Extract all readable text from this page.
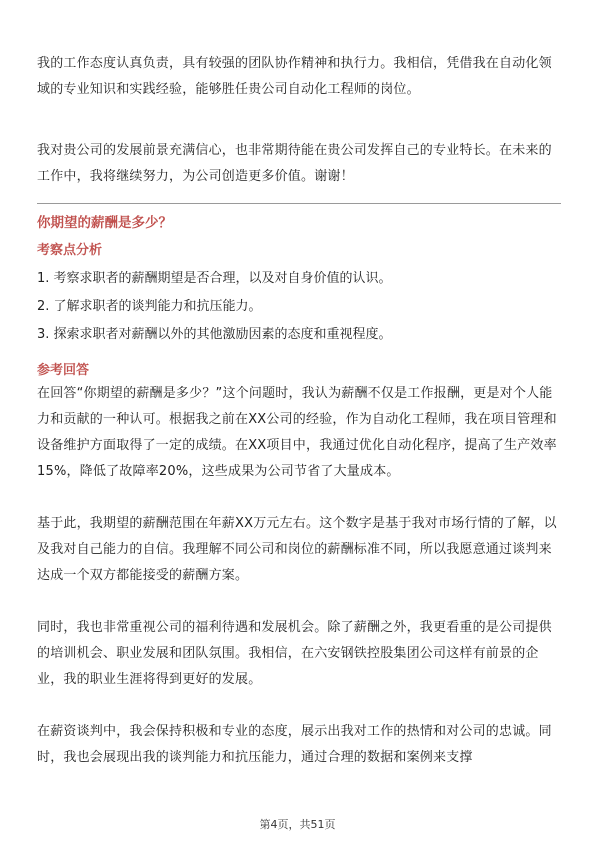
我的工作态度认真负责，具有较强的团队协作精神和执行力。我相信，凭借我在自动化领域的专业知识和实践经验，能够胜任贵公司自动化工程师的岗位。

我对贵公司的发展前景充满信心，也非常期待能在贵公司发挥自己的专业特长。在未来的工作中，我将继续努力，为公司创造更多价值。谢谢！

你期望的薪酬是多少？
考察点分析
1. 考察求职者的薪酬期望是否合理，以及对自身价值的认识。
2. 了解求职者的谈判能力和抗压能力。
3. 探索求职者对薪酬以外的其他激励因素的态度和重视程度。
参考回答

在回答“你期望的薪酬是多少？”这个问题时，我认为薪酬不仅是工作报酬，更是对个人能力和贡献的一种认可。根据我之前在XX公司的经验，作为自动化工程师，我在项目管理和设备维护方面取得了一定的成绩。在XX项目中，我通过优化自动化程序，提高了生产效率15%，降低了故障率20%，这些成果为公司节省了大量成本。

基于此，我期望的薪酬范围在年薪XX万元左右。这个数字是基于我对市场行情的了解，以及我对自己能力的自信。我理解不同公司和岗位的薪酬标准不同，所以我愿意通过谈判来达成一个双方都能接受的薪酬方案。

同时，我也非常重视公司的福利待遇和发展机会。除了薪酬之外，我更看重的是公司提供的培训机会、职业发展和团队氛围。我相信，在六安钢铁控股集团公司这样有前景的企业，我的职业生涯将得到更好的发展。

在薪资谈判中，我会保持积极和专业的态度，展示出我对工作的热情和对公司的忠诚。同时，我也会展现出我的谈判能力和抗压能力，通过合理的数据和案例来支撑

第4页，共51页
